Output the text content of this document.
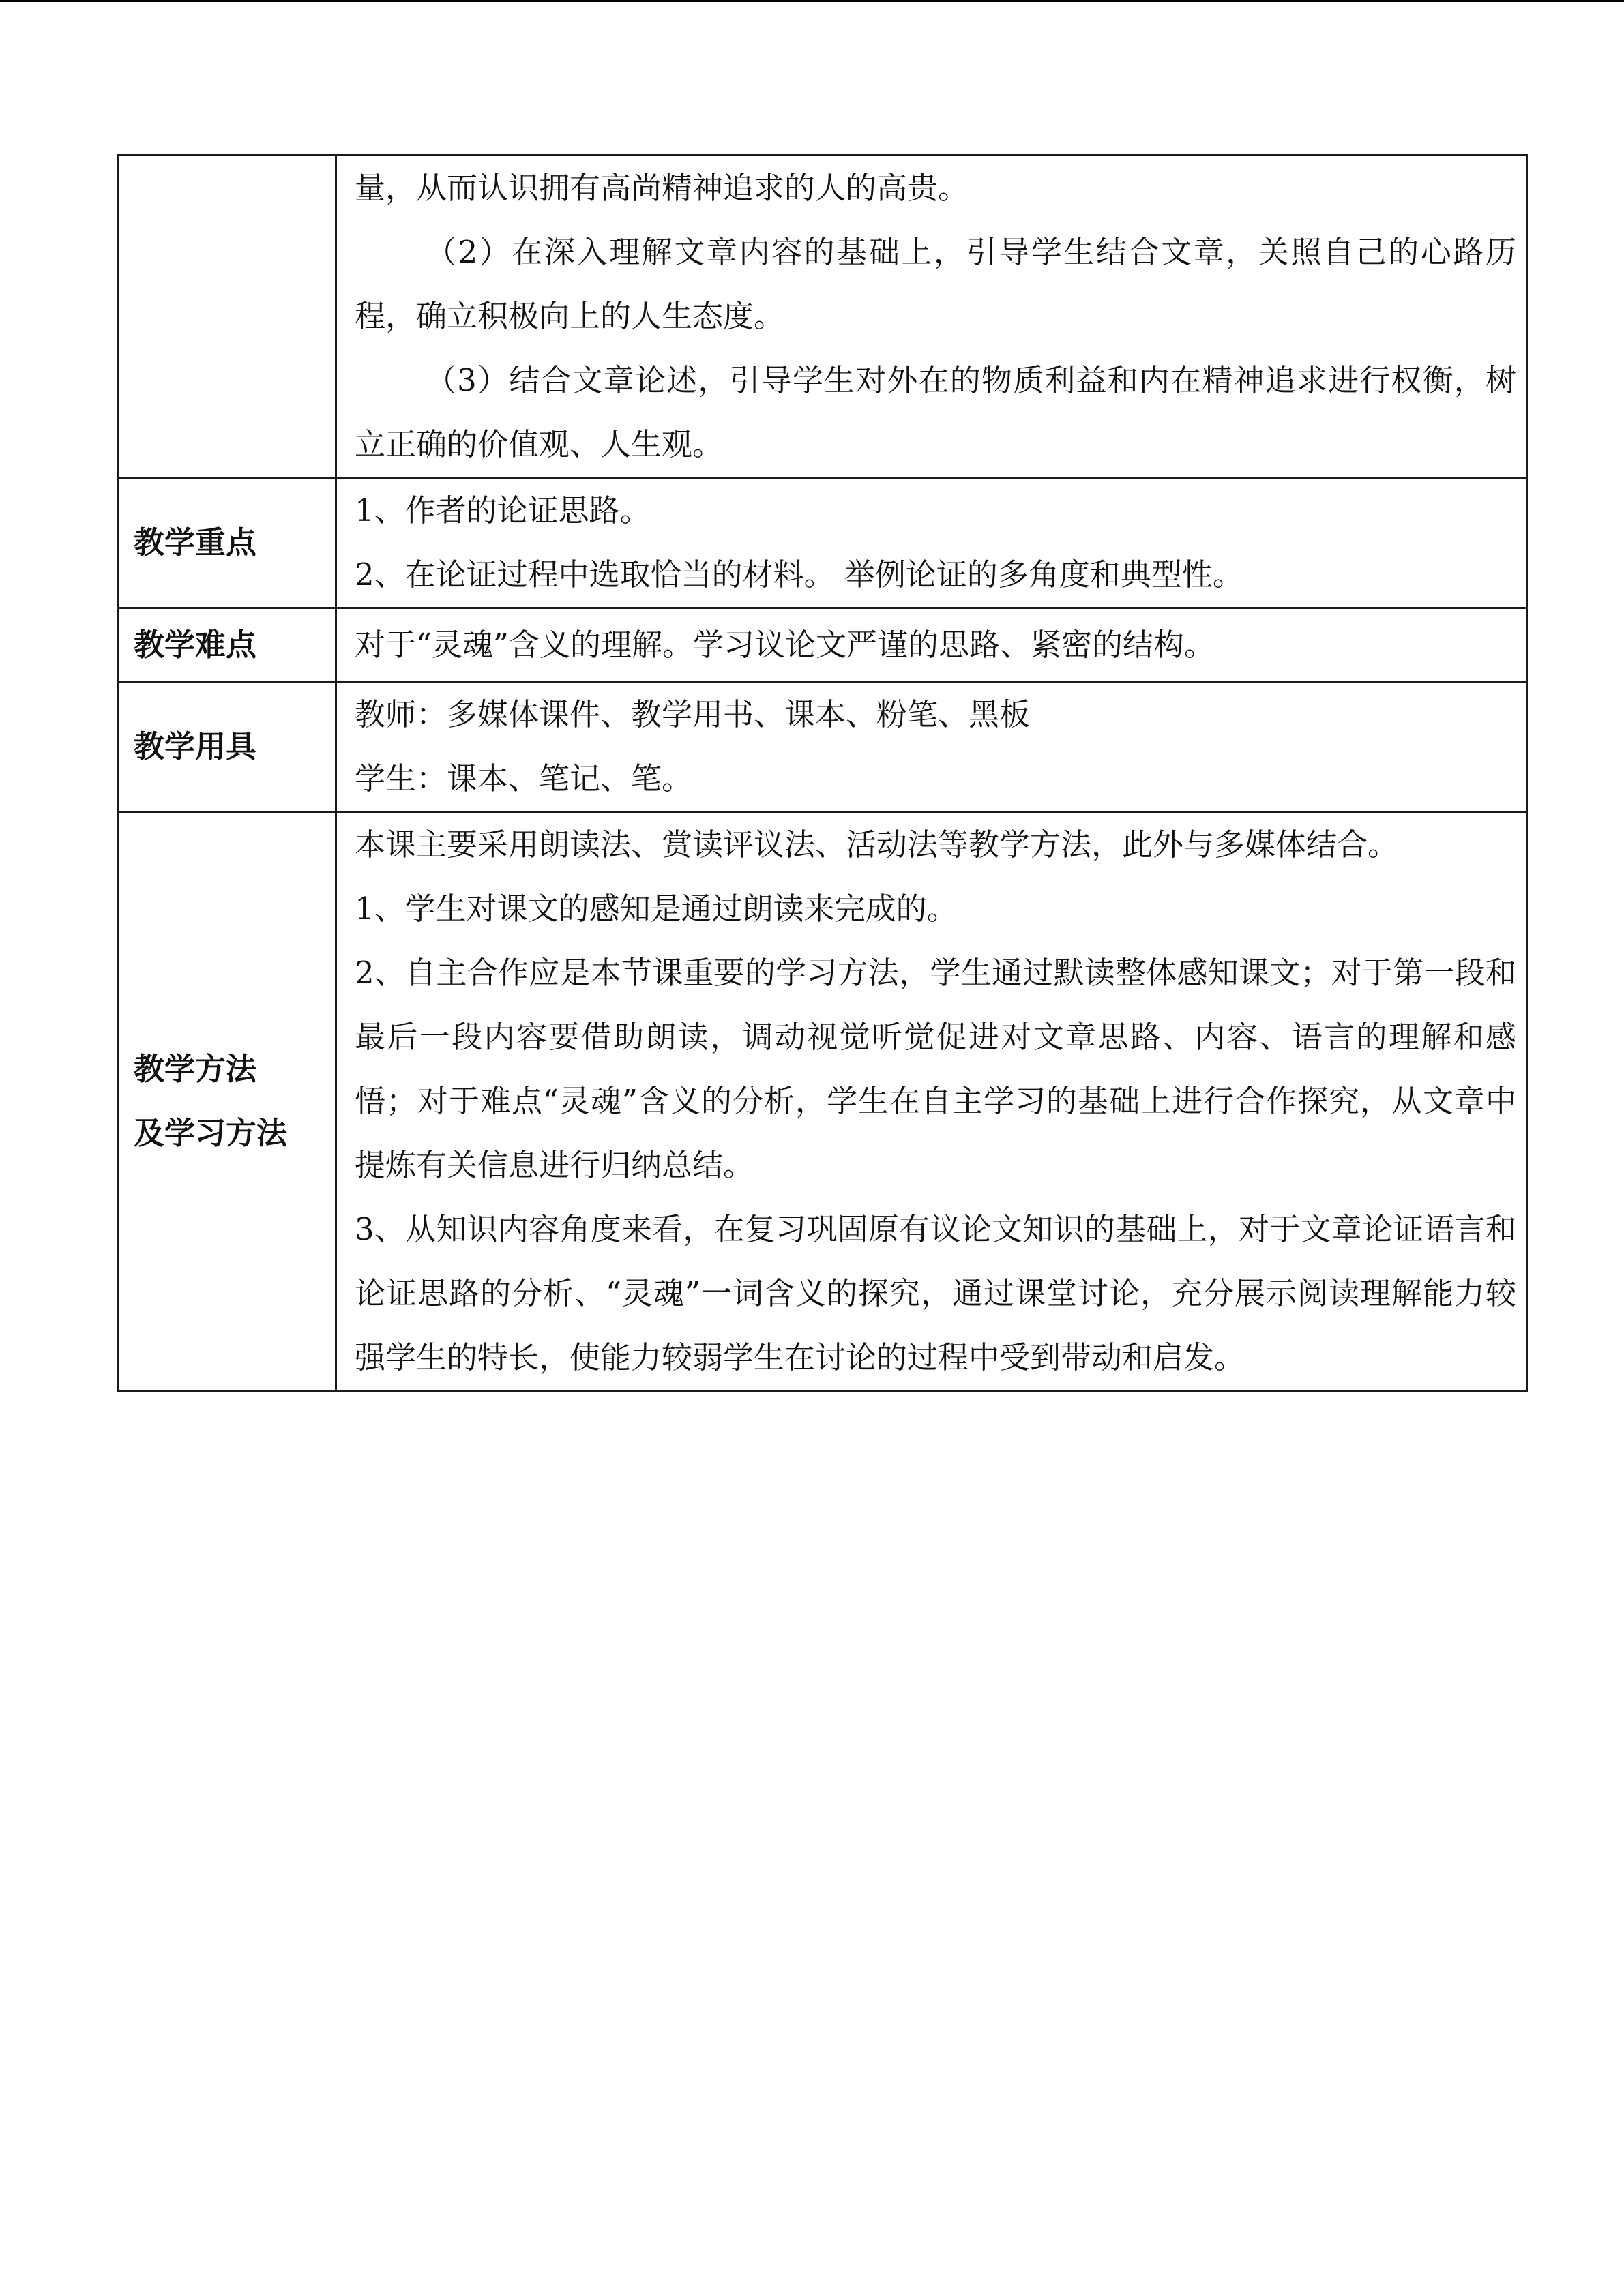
	量，从而认识拥有高尚精神追求的人的高贵。
（2）在深入理解文章内容的基础上，引导学生结合文章，关照自己的心路历程，确立积极向上的人生态度。
（3）结合文章论述，引导学生对外在的物质利益和内在精神追求进行权衡，树立正确的价值观、人生观。

教学重点	1、作者的论证思路。
2、在论证过程中选取恰当的材料。 举例论证的多角度和典型性。

教学难点	对于“灵魂”含义的理解。学习议论文严谨的思路、紧密的结构。

教学用具	教师：多媒体课件、教学用书、课本、粉笔、黑板
学生：课本、笔记、笔。

教学方法
及学习方法	本课主要采用朗读法、赏读评议法、活动法等教学方法，此外与多媒体结合。
1、学生对课文的感知是通过朗读来完成的。
2、自主合作应是本节课重要的学习方法，学生通过默读整体感知课文；对于第一段和最后一段内容要借助朗读，调动视觉听觉促进对文章思路、内容、语言的理解和感悟；对于难点“灵魂”含义的分析，学生在自主学习的基础上进行合作探究，从文章中提炼有关信息进行归纳总结。
3、从知识内容角度来看，在复习巩固原有议论文知识的基础上，对于文章论证语言和论证思路的分析、“灵魂”一词含义的探究，通过课堂讨论，充分展示阅读理解能力较强学生的特长，使能力较弱学生在讨论的过程中受到带动和启发。
